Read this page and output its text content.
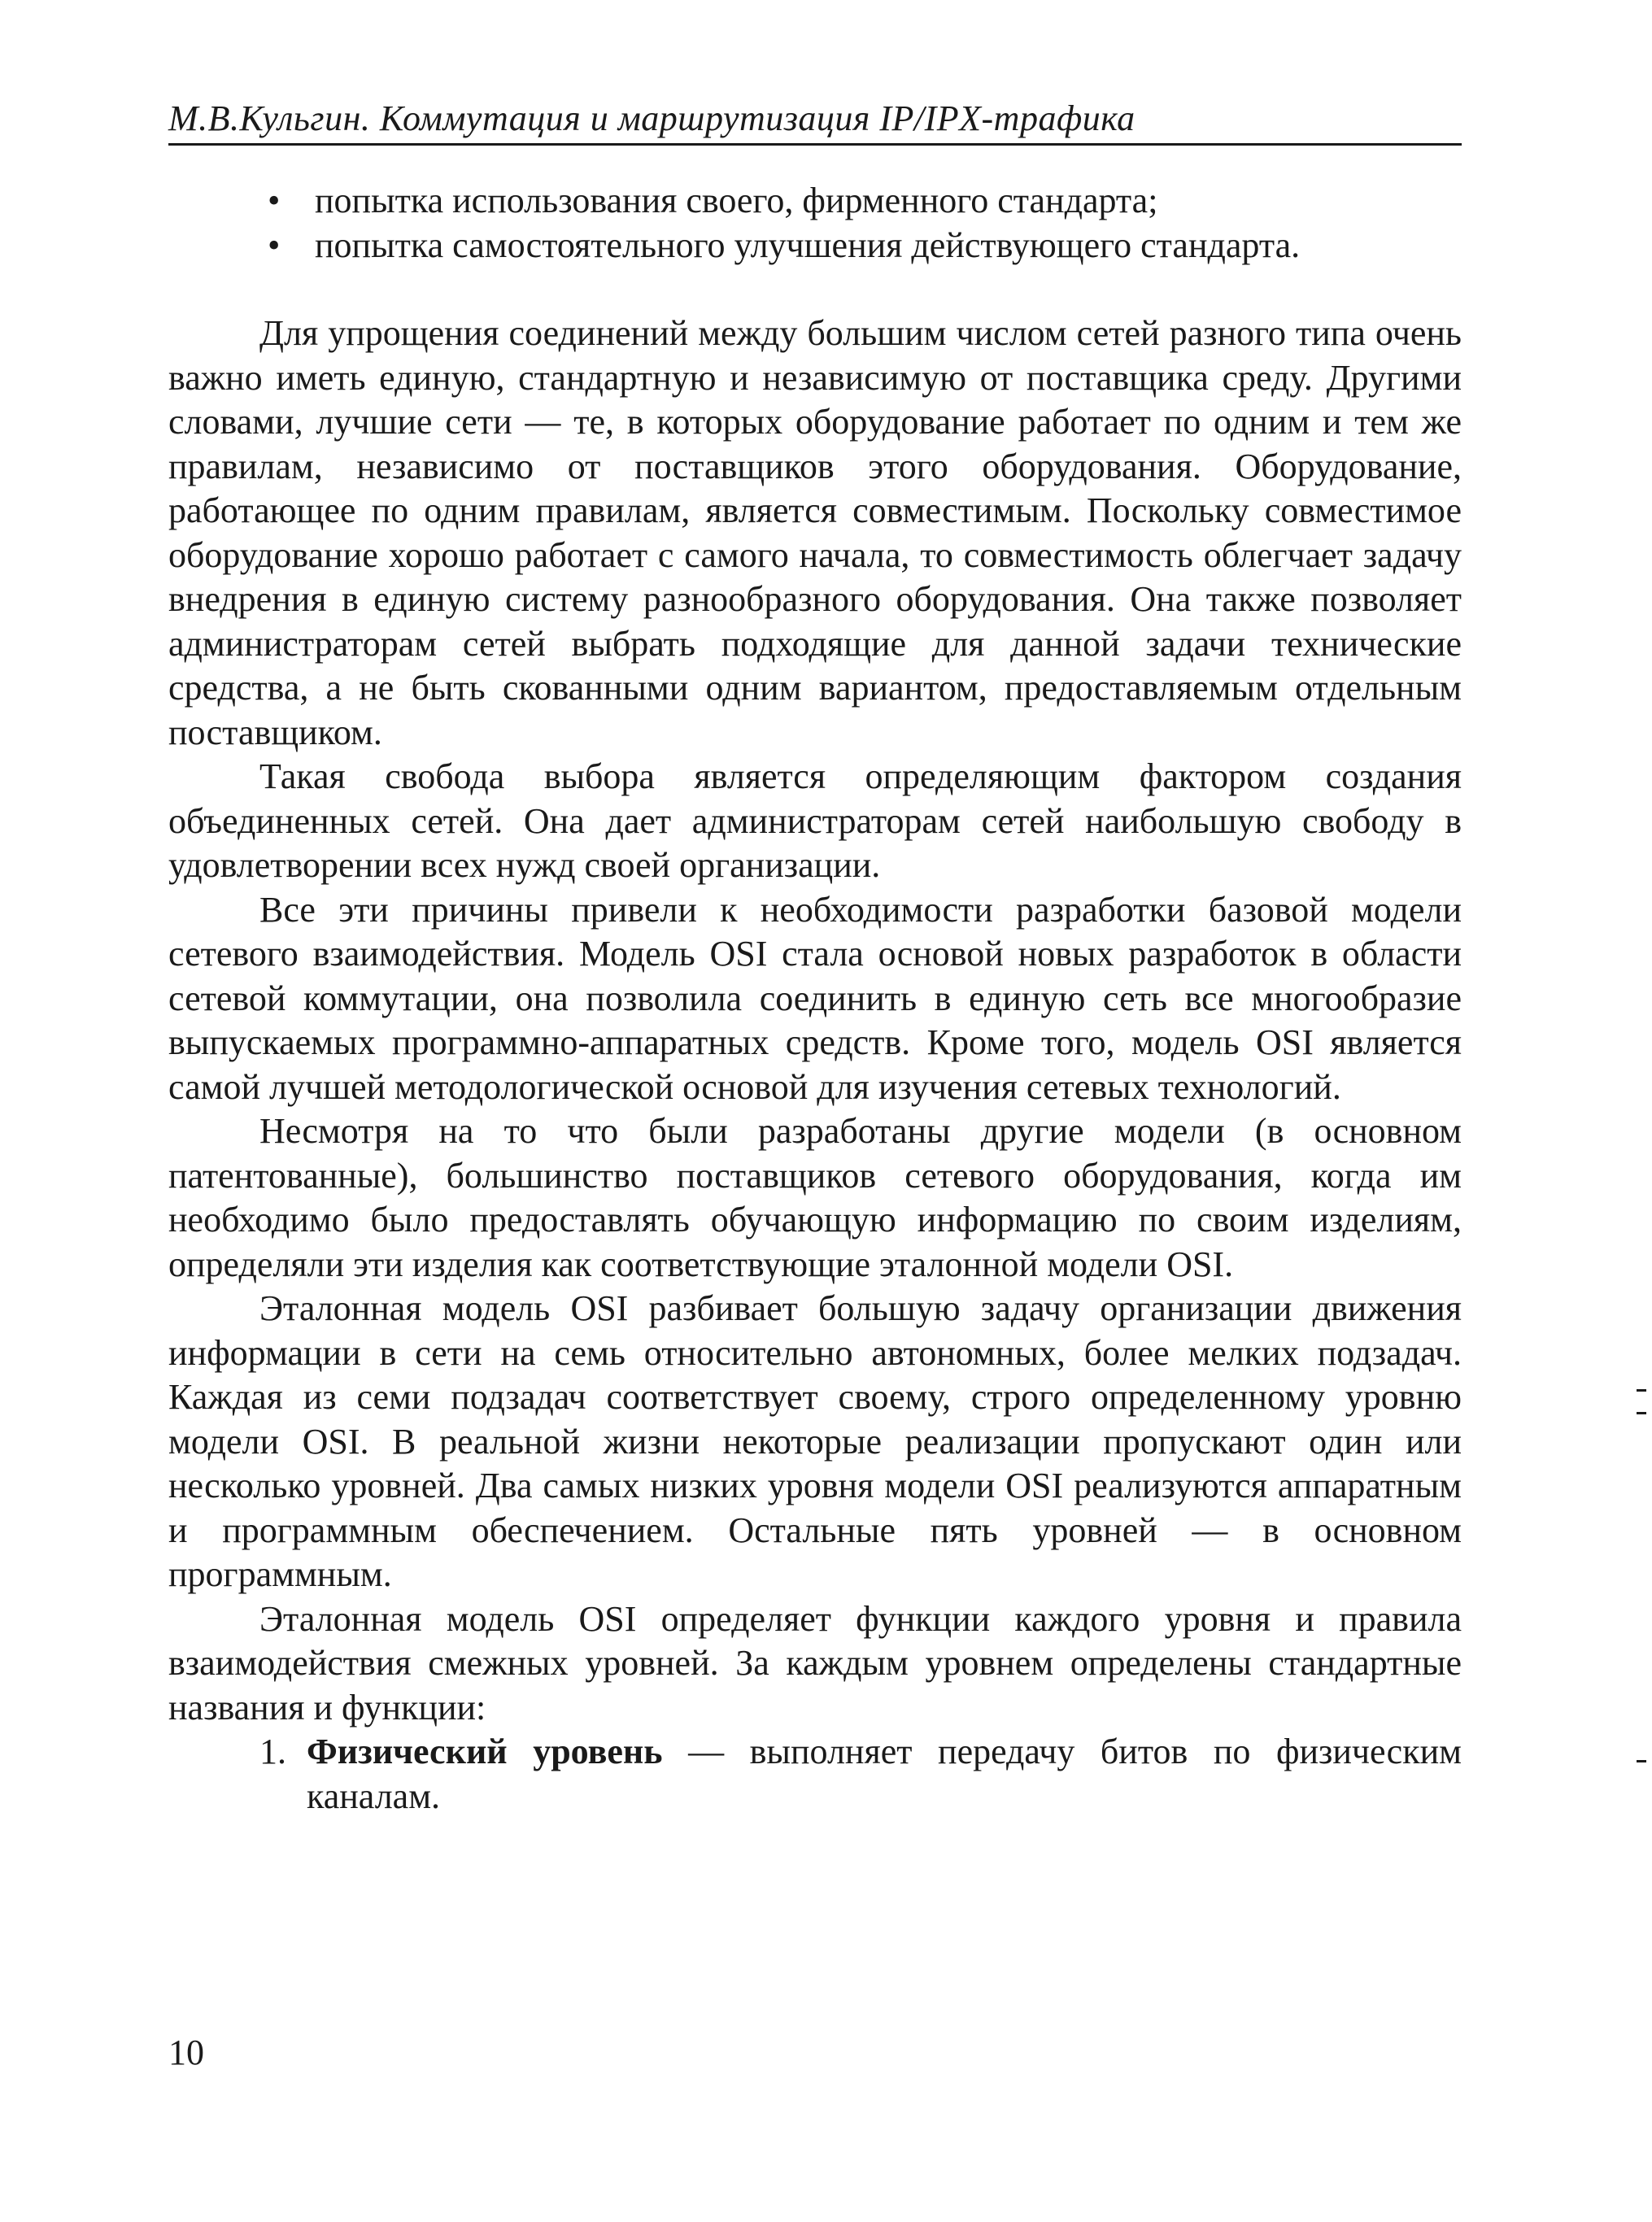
М.В.Кульгин. Коммутация и маршрутизация IP/IPX-трафика
• попытка использования своего, фирменного стандарта;
• попытка самостоятельного улучшения действующего стандарта.

Для упрощения соединений между большим числом сетей разного типа очень важно иметь единую, стандартную и независимую от поставщика среду. Другими словами, лучшие сети — те, в которых оборудование работает по одним и тем же правилам, независимо от поставщиков этого оборудования. Оборудование, работающее по одним правилам, является совместимым. Поскольку совместимое оборудование хорошо работает с самого начала, то совместимость облегчает задачу внедрения в единую систему разнообразного оборудования. Она также позволяет администраторам сетей выбрать подходящие для данной задачи технические средства, а не быть скованными одним вариантом, предоставляемым отдельным поставщиком.

Такая свобода выбора является определяющим фактором создания объединенных сетей. Она дает администраторам сетей наибольшую свободу в удовлетворении всех нужд своей организации.

Все эти причины привели к необходимости разработки базовой модели сетевого взаимодействия. Модель OSI стала основой новых разработок в области сетевой коммутации, она позволила соединить в единую сеть все многообразие выпускаемых программно-аппаратных средств. Кроме того, модель OSI является самой лучшей методологической основой для изучения сетевых технологий.

Несмотря на то что были разработаны другие модели (в основном патентованные), большинство поставщиков сетевого оборудования, когда им необходимо было предоставлять обучающую информацию по своим изделиям, определяли эти изделия как соответствующие эталонной модели OSI.

Эталонная модель OSI разбивает большую задачу организации движения информации в сети на семь относительно автономных, более мелких подзадач. Каждая из семи подзадач соответствует своему, строго определенному уровню модели OSI. В реальной жизни некоторые реализации пропускают один или несколько уровней. Два самых низких уровня модели OSI реализуются аппаратным и программным обеспечением. Остальные пять уровней — в основном программным.

Эталонная модель OSI определяет функции каждого уровня и правила взаимодействия смежных уровней. За каждым уровнем определены стандартные названия и функции:

1. Физический уровень — выполняет передачу битов по физическим каналам.

10
